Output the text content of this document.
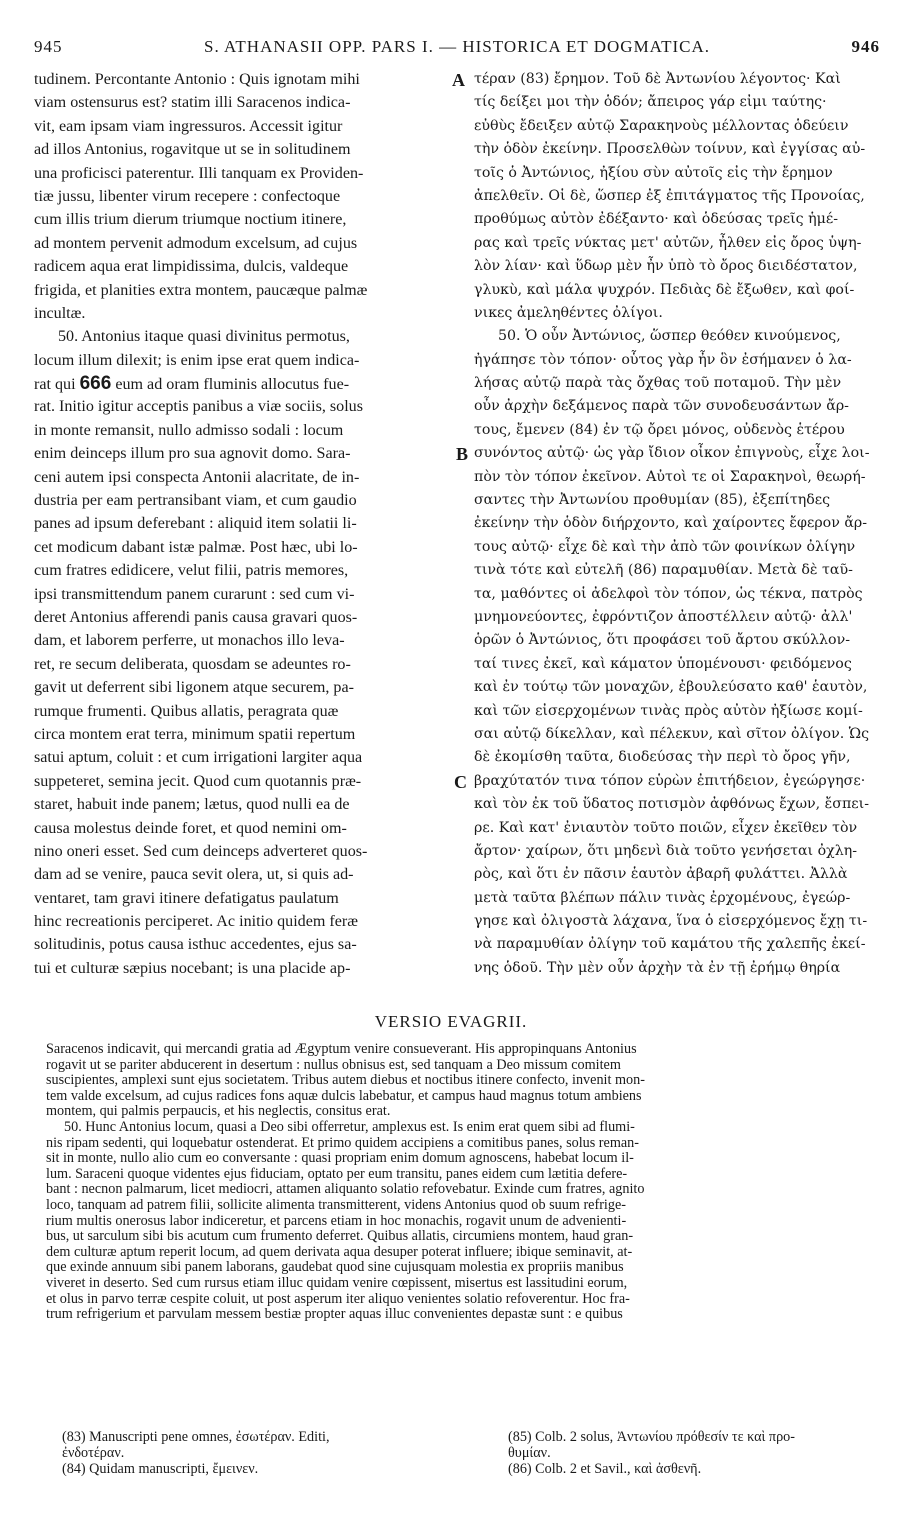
945	S. ATHANASII OPP. PARS I. — HISTORICA ET DOGMATICA.	946
A
B
C
tudinem. Percontante Antonio : Quis ignotam mihi
viam ostensurus est? statim illi Saracenos indica-
vit, eam ipsam viam ingressuros. Accessit igitur
ad illos Antonius, rogavitque ut se in solitudinem
una proficisci paterentur. Illi tanquam ex Providen-
tiæ jussu, libenter virum recepere : confectoque
cum illis trium dierum triumque noctium itinere,
ad montem pervenit admodum excelsum, ad cujus
radicem aqua erat limpidissima, dulcis, valdeque
frigida, et planities extra montem, paucæque palmæ
incultæ.
50. Antonius itaque quasi divinitus permotus,
locum illum dilexit; is enim ipse erat quem indica-
rat qui 666 eum ad oram fluminis allocutus fue-
rat. Initio igitur acceptis panibus a viæ sociis, solus
in monte remansit, nullo admisso sodali : locum
enim deinceps illum pro sua agnovit domo. Sara-
ceni autem ipsi conspecta Antonii alacritate, de in-
dustria per eam pertransibant viam, et cum gaudio
panes ad ipsum deferebant : aliquid item solatii li-
cet modicum dabant istæ palmæ. Post hæc, ubi lo-
cum fratres edidicere, velut filii, patris memores,
ipsi transmittendum panem curarunt : sed cum vi-
deret Antonius afferendi panis causa gravari quos-
dam, et laborem perferre, ut monachos illo leva-
ret, re secum deliberata, quosdam se adeuntes ro-
gavit ut deferrent sibi ligonem atque securem, pa-
rumque frumenti. Quibus allatis, peragrata quæ
circa montem erat terra, minimum spatii repertum
satui aptum, coluit : et cum irrigationi largiter aqua
suppeteret, semina jecit. Quod cum quotannis præ-
staret, habuit inde panem; lætus, quod nulli ea de
causa molestus deinde foret, et quod nemini om-
nino oneri esset. Sed cum deinceps adverteret quos-
dam ad se venire, pauca sevit olera, ut, si quis ad-
ventaret, tam gravi itinere defatigatus paulatum
hinc recreationis perciperet. Ac initio quidem feræ
solitudinis, potus causa isthuc accedentes, ejus sa-
tui et culturæ sæpius nocebant; is una placide ap-
τέραν (83) ἔρημον. Τοῦ δὲ Ἀντωνίου λέγοντος· Καὶ
τίς δείξει μοι τὴν ὁδόν; ἄπειρος γάρ εἰμι ταύτης·
εὐθὺς ἔδειξεν αὐτῷ Σαρακηνοὺς μέλλοντας ὁδεύειν
τὴν ὁδὸν ἐκείνην. Προσελθὼν τοίνυν, καὶ ἐγγίσας αὐ-
τοῖς ὁ Ἀντώνιος, ἠξίου σὺν αὐτοῖς εἰς τὴν ἔρημον
ἀπελθεῖν. Οἱ δὲ, ὥσπερ ἐξ ἐπιτάγματος τῆς Προνοίας,
προθύμως αὐτὸν ἐδέξαντο· καὶ ὁδεύσας τρεῖς ἡμέ-
ρας καὶ τρεῖς νύκτας μετ' αὐτῶν, ἦλθεν εἰς ὄρος ὑψη-
λὸν λίαν· καὶ ὕδωρ μὲν ἦν ὑπὸ τὸ ὄρος διειδέστατον,
γλυκὺ, καὶ μάλα ψυχρόν. Πεδιὰς δὲ ἔξωθεν, καὶ φοί-
νικες ἀμεληθέντες ὀλίγοι.
50. Ὁ οὖν Ἀντώνιος, ὥσπερ θεόθεν κινούμενος,
ἠγάπησε τὸν τόπον· οὗτος γὰρ ἦν ὃν ἐσήμανεν ὁ λα-
λήσας αὐτῷ παρὰ τὰς ὄχθας τοῦ ποταμοῦ. Τὴν μὲν
οὖν ἀρχὴν δεξάμενος παρὰ τῶν συνοδευσάντων ἄρ-
τους, ἔμενεν (84) ἐν τῷ ὄρει μόνος, οὐδενὸς ἑτέρου
συνόντος αὐτῷ· ὡς γὰρ ἴδιον οἶκον ἐπιγνοὺς, εἶχε λοι-
πὸν τὸν τόπον ἐκεῖνον. Αὐτοὶ τε οἱ Σαρακηνοὶ, θεωρή-
σαντες τὴν Ἀντωνίου προθυμίαν (85), ἐξεπίτηδες
ἐκείνην τὴν ὁδὸν διήρχοντο, καὶ χαίροντες ἔφερον ἄρ-
τους αὐτῷ· εἶχε δὲ καὶ τὴν ἀπὸ τῶν φοινίκων ὀλίγην
τινὰ τότε καὶ εὐτελῆ (86) παραμυθίαν. Μετὰ δὲ ταῦ-
τα, μαθόντες οἱ ἀδελφοὶ τὸν τόπον, ὡς τέκνα, πατρὸς
μνημονεύοντες, ἐφρόντιζον ἀποστέλλειν αὐτῷ· ἀλλ'
ὁρῶν ὁ Ἀντώνιος, ὅτι προφάσει τοῦ ἄρτου σκύλλον-
ταί τινες ἐκεῖ, καὶ κάματον ὑπομένουσι· φειδόμενος
καὶ ἐν τούτῳ τῶν μοναχῶν, ἐβουλεύσατο καθ' ἑαυτὸν,
καὶ τῶν εἰσερχομένων τινὰς πρὸς αὐτὸν ἠξίωσε κομί-
σαι αὐτῷ δίκελλαν, καὶ πέλεκυν, καὶ σῖτον ὀλίγον. Ὡς
δὲ ἐκομίσθη ταῦτα, διοδεύσας τὴν περὶ τὸ ὄρος γῆν,
βραχύτατόν τινα τόπον εὑρὼν ἐπιτήδειον, ἐγεώργησε·
καὶ τὸν ἐκ τοῦ ὕδατος ποτισμὸν ἀφθόνως ἔχων, ἔσπει-
ρε. Καὶ κατ' ἐνιαυτὸν τοῦτο ποιῶν, εἶχεν ἐκεῖθεν τὸν
ἄρτον· χαίρων, ὅτι μηδενὶ διὰ τοῦτο γενήσεται ὀχλη-
ρὸς, καὶ ὅτι ἐν πᾶσιν ἑαυτὸν ἀβαρῆ φυλάττει. Ἀλλὰ
μετὰ ταῦτα βλέπων πάλιν τινὰς ἐρχομένους, ἐγεώρ-
γησε καὶ ὀλιγοστὰ λάχανα, ἵνα ὁ εἰσερχόμενος ἔχῃ τι-
νὰ παραμυθίαν ὀλίγην τοῦ καμάτου τῆς χαλεπῆς ἐκεί-
νης ὁδοῦ. Τὴν μὲν οὖν ἀρχὴν τὰ ἐν τῇ ἐρήμῳ θηρία
VERSIO EVAGRII.
Saracenos indicavit, qui mercandi gratia ad Ægyptum venire consueverant. His appropinquans Antonius
rogavit ut se pariter abducerent in desertum : nullus obnisus est, sed tanquam a Deo missum comitem
suscipientes, amplexi sunt ejus societatem. Tribus autem diebus et noctibus itinere confecto, invenit mon-
tem valde excelsum, ad cujus radices fons aquæ dulcis labebatur, et campus haud magnus totum ambiens
montem, qui palmis perpaucis, et his neglectis, consitus erat.
50. Hunc Antonius locum, quasi a Deo sibi offerretur, amplexus est. Is enim erat quem sibi ad flumi-
nis ripam sedenti, qui loquebatur ostenderat. Et primo quidem accipiens a comitibus panes, solus reman-
sit in monte, nullo alio cum eo conversante : quasi propriam enim domum agnoscens, habebat locum il-
lum. Saraceni quoque videntes ejus fiduciam, optato per eum transitu, panes eidem cum lætitia defere-
bant : necnon palmarum, licet mediocri, attamen aliquanto solatio refovebatur. Exinde cum fratres, agnito
loco, tanquam ad patrem filii, sollicite alimenta transmitterent, videns Antonius quod ob suum refrige-
rium multis onerosus labor indiceretur, et parcens etiam in hoc monachis, rogavit unum de advenienti-
bus, ut sarculum sibi bis acutum cum frumento deferret. Quibus allatis, circumiens montem, haud gran-
dem culturæ aptum reperit locum, ad quem derivata aqua desuper poterat influere; ibique seminavit, at-
que exinde annuum sibi panem laborans, gaudebat quod sine cujusquam molestia ex propriis manibus
viveret in deserto. Sed cum rursus etiam illuc quidam venire cœpissent, misertus est lassitudini eorum,
et olus in parvo terræ cespite coluit, ut post asperum iter aliquo venientes solatio refoverentur. Hoc fra-
trum refrigerium et parvulam messem bestiæ propter aquas illuc convenientes depastæ sunt : e quibus
(83) Manuscripti pene omnes, ἐσωτέραν. Editi,
ἐνδοτέραν.
(84) Quidam manuscripti, ἔμεινεν.
(85) Colb. 2 solus, Ἀντωνίου πρόθεσίν τε καὶ προ-
θυμίαν.
(86) Colb. 2 et Savil., καὶ ἀσθενῆ.
